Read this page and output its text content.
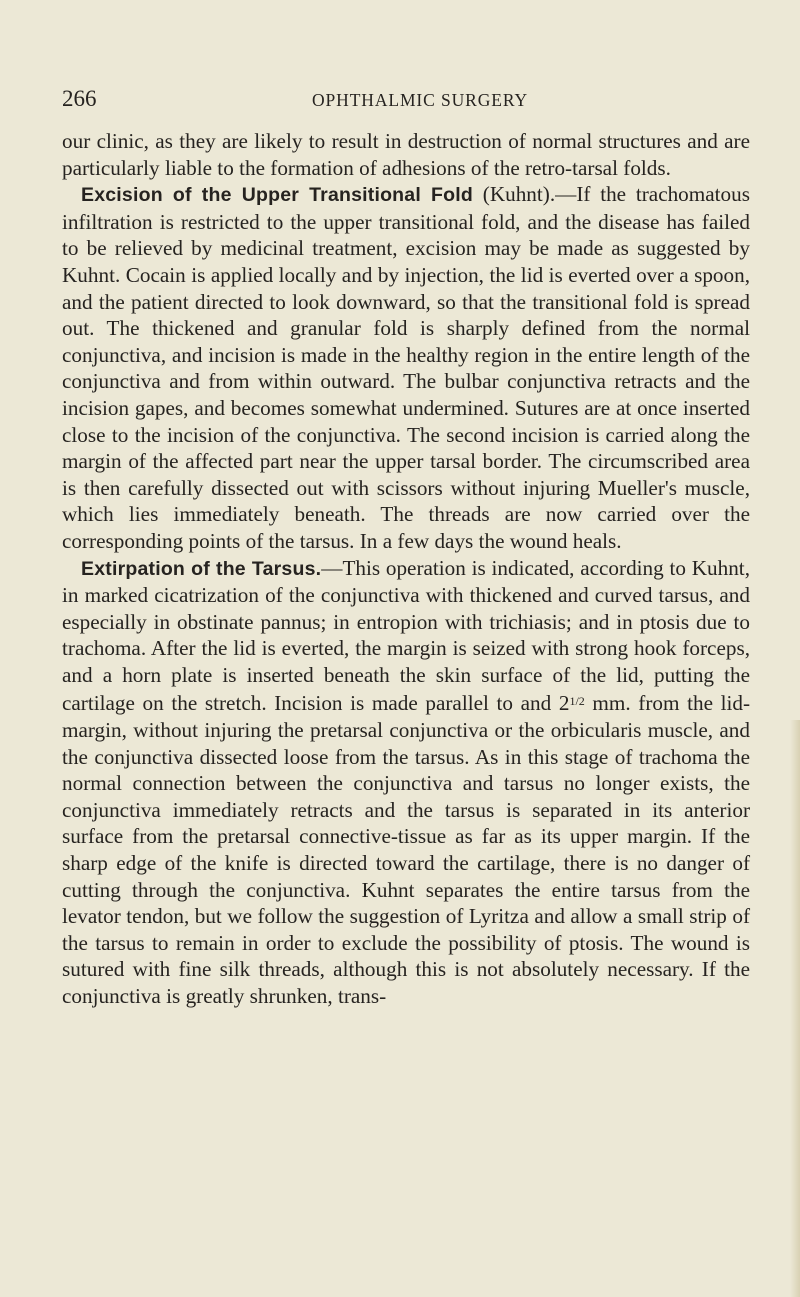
266	OPHTHALMIC SURGERY

our clinic, as they are likely to result in destruction of normal structures and are particularly liable to the formation of adhesions of the retro-tarsal folds.

Excision of the Upper Transitional Fold (Kuhnt).—If the trachomatous infiltration is restricted to the upper transitional fold, and the disease has failed to be relieved by medicinal treatment, excision may be made as suggested by Kuhnt. Cocain is applied locally and by injection, the lid is everted over a spoon, and the patient directed to look downward, so that the transitional fold is spread out. The thickened and granular fold is sharply defined from the normal conjunctiva, and incision is made in the healthy region in the entire length of the conjunctiva and from within outward. The bulbar conjunctiva retracts and the incision gapes, and becomes somewhat undermined. Sutures are at once inserted close to the incision of the conjunctiva. The second incision is carried along the margin of the affected part near the upper tarsal border. The circumscribed area is then carefully dissected out with scissors without injuring Mueller's muscle, which lies immediately beneath. The threads are now carried over the corresponding points of the tarsus. In a few days the wound heals.

Extirpation of the Tarsus.—This operation is indicated, according to Kuhnt, in marked cicatrization of the conjunctiva with thickened and curved tarsus, and especially in obstinate pannus; in entropion with trichiasis; and in ptosis due to trachoma. After the lid is everted, the margin is seized with strong hook forceps, and a horn plate is inserted beneath the skin surface of the lid, putting the cartilage on the stretch. Incision is made parallel to and $2^{1/2}$ mm. from the lid-margin, without injuring the pretarsal conjunctiva or the orbicularis muscle, and the conjunctiva dissected loose from the tarsus. As in this stage of trachoma the normal connection between the conjunctiva and tarsus no longer exists, the conjunctiva immediately retracts and the tarsus is separated in its anterior surface from the pretarsal connective-tissue as far as its upper margin. If the sharp edge of the knife is directed toward the cartilage, there is no danger of cutting through the conjunctiva. Kuhnt separates the entire tarsus from the levator tendon, but we follow the suggestion of Lyritza and allow a small strip of the tarsus to remain in order to exclude the possibility of ptosis. The wound is sutured with fine silk threads, although this is not absolutely necessary. If the conjunctiva is greatly shrunken, trans-
